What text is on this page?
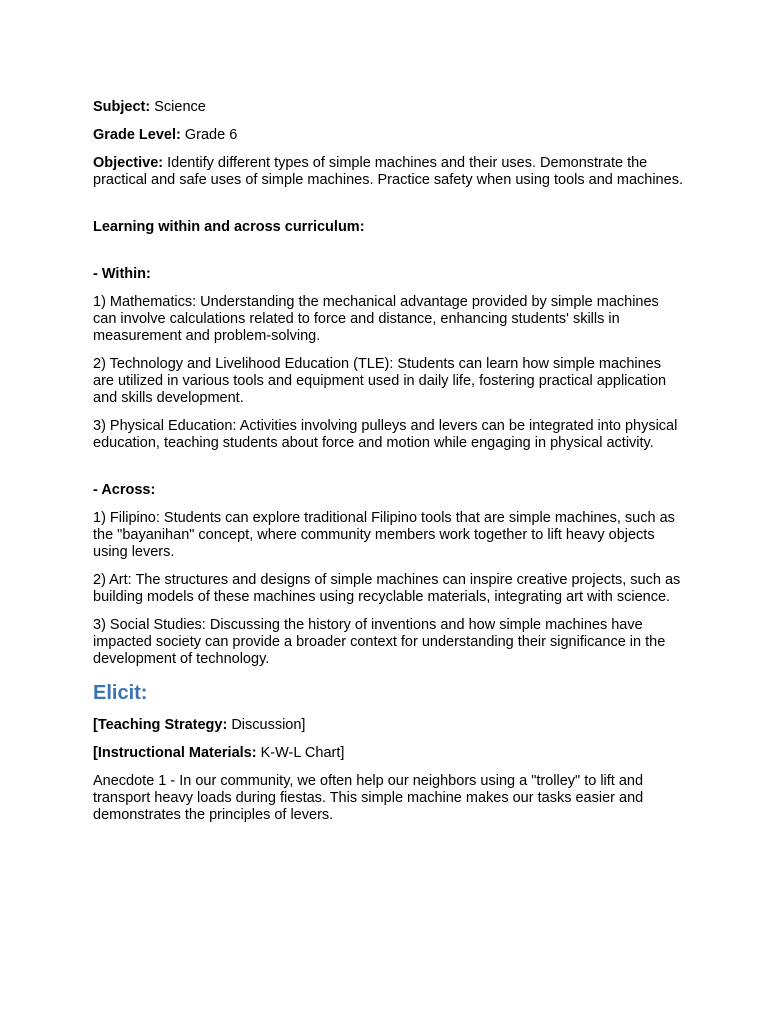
Subject: Science

Grade Level: Grade 6

Objective: Identify different types of simple machines and their uses. Demonstrate the practical and safe uses of simple machines. Practice safety when using tools and machines.

Learning within and across curriculum:

- Within:

1) Mathematics: Understanding the mechanical advantage provided by simple machines can involve calculations related to force and distance, enhancing students' skills in measurement and problem-solving.

2) Technology and Livelihood Education (TLE): Students can learn how simple machines are utilized in various tools and equipment used in daily life, fostering practical application and skills development.

3) Physical Education: Activities involving pulleys and levers can be integrated into physical education, teaching students about force and motion while engaging in physical activity.

- Across:

1) Filipino: Students can explore traditional Filipino tools that are simple machines, such as the "bayanihan" concept, where community members work together to lift heavy objects using levers.

2) Art: The structures and designs of simple machines can inspire creative projects, such as building models of these machines using recyclable materials, integrating art with science.

3) Social Studies: Discussing the history of inventions and how simple machines have impacted society can provide a broader context for understanding their significance in the development of technology.

Elicit:

[Teaching Strategy: Discussion]

[Instructional Materials: K-W-L Chart]

Anecdote 1 - In our community, we often help our neighbors using a "trolley" to lift and transport heavy loads during fiestas. This simple machine makes our tasks easier and demonstrates the principles of levers.
